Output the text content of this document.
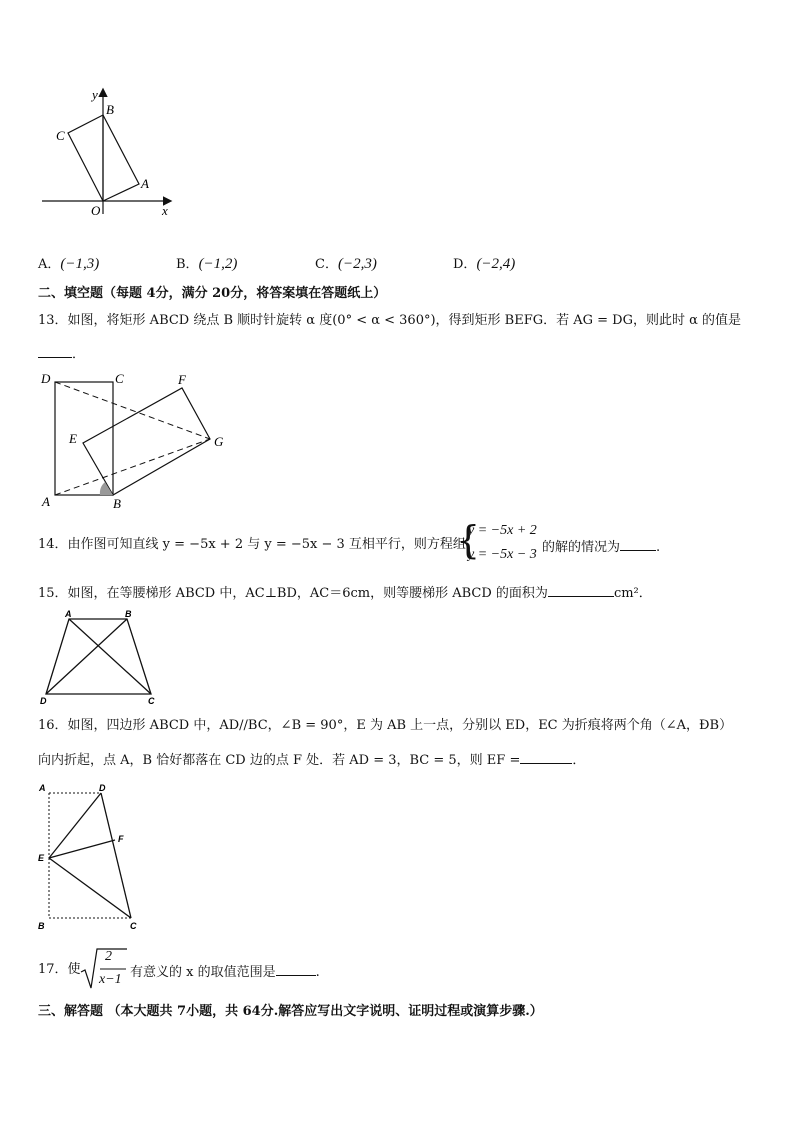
y
x
O
A
B
C
A．(−1,3)	B．(−1,2)	C．(−2,3)	D．(−2,4)
二、填空题（每题 4分，满分 20分，将答案填在答题纸上）
13．如图，将矩形 ABCD 绕点 B 顺时针旋转 α 度(0° < α < 360°)，得到矩形 BEFG．若 AG = DG，则此时 α 的值是
．
D	C	F
E	G
A	B
14．由作图可知直线 y = −5x + 2 与 y = −5x − 3 互相平行，则方程组
{
y = −5x + 2
y = −5x − 3 的解的情况为	.
15．如图，在等腰梯形 ABCD 中，AC⊥BD，AC＝6cm，则等腰梯形 ABCD 的面积为	cm²．
A	B
C
D
16．如图，四边形 ABCD 中，AD//BC，∠B = 90°，E 为 AB 上一点，分别以 ED，EC 为折痕将两个角（∠A，ÐB）
向内折起，点 A，B 恰好都落在 CD 边的点 F 处．若 AD = 3，BC = 5，则 EF =	．
A	D
F
E
B	C
17．使
2
x−1 有意义的 x 的取值范围是	.
三、解答题 （本大题共 7小题，共 64分.解答应写出文字说明、证明过程或演算步骤.）
